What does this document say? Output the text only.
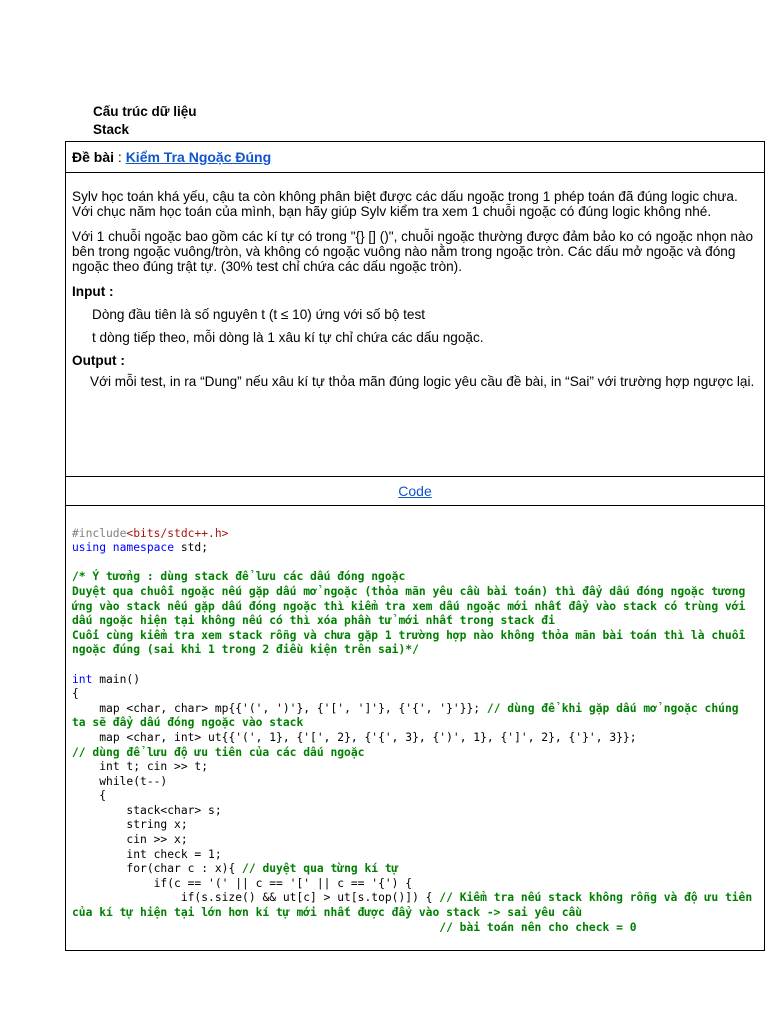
Cấu trúc dữ liệu
Stack
Đề bài : Kiểm Tra Ngoặc Đúng

Sylv học toán khá yếu, cậu ta còn không phân biệt được các dấu ngoặc trong 1 phép toán đã đúng logic chưa. Với chục năm học toán của mình, bạn hãy giúp Sylv kiểm tra xem 1 chuỗi ngoặc có đúng logic không nhé.

Với 1 chuỗi ngoặc bao gồm các kí tự có trong "{} [] ()", chuỗi ngoặc thường được đảm bảo ko có ngoặc nhọn nào bên trong ngoặc vuông/tròn, và không có ngoặc vuông nào nằm trong ngoặc tròn. Các dấu mở ngoặc và đóng ngoặc theo đúng trật tự. (30% test chỉ chứa các dấu ngoặc tròn).

Input :

Dòng đầu tiên là số nguyên t (t ≤ 10) ứng với số bộ test

t dòng tiếp theo, mỗi dòng là 1 xâu kí tự chỉ chứa các dấu ngoặc.

Output :

Với mỗi test, in ra “Dung” nếu xâu kí tự thỏa mãn đúng logic yêu cầu đề bài, in “Sai” với trường hợp ngược lại.

Code

#include<bits/stdc++.h>
using namespace std;

/* Ý tưởng : dùng stack để lưu các dấu đóng ngoặc
Duyệt qua chuỗi ngoặc nếu gặp dấu mở ngoặc (thỏa mãn yêu cầu bài toán) thì đẩy dấu đóng ngoặc tương ứng vào stack nếu gặp dấu đóng ngoặc thì kiểm tra xem dấu ngoặc mới nhất đẩy vào stack có trùng với dấu ngoặc hiện tại không nếu có thì xóa phần tử mới nhất trong stack đi
Cuối cùng kiểm tra xem stack rỗng và chưa gặp 1 trường hợp nào không thỏa mãn bài toán thì là chuỗi ngoặc đúng (sai khi 1 trong 2 điều kiện trên sai)*/

int main()
{
map <char, char> mp{{'(', ')'}, {'[', ']'}, {'{', '}'}}; // dùng để khi gặp dấu mở ngoặc chúng ta sẽ đẩy dấu đóng ngoặc vào stack
map <char, int> ut{{'(', 1}, {'[', 2}, {'{', 3}, {')', 1}, {']', 2}, {'}', 3}};
// dùng để lưu độ ưu tiên của các dấu ngoặc
int t; cin >> t;
while(t--)
{
stack<char> s;
string x;
cin >> x;
int check = 1;
for(char c : x){ // duyệt qua từng kí tự
if(c == '(' || c == '[' || c == '{') {
if(s.size() && ut[c] > ut[s.top()]) { // Kiểm tra nếu stack không rỗng và độ ưu tiên của kí tự hiện tại lớn hơn kí tự mới nhất được đẩy vào stack -> sai yêu cầu
// bài toán nên cho check = 0
